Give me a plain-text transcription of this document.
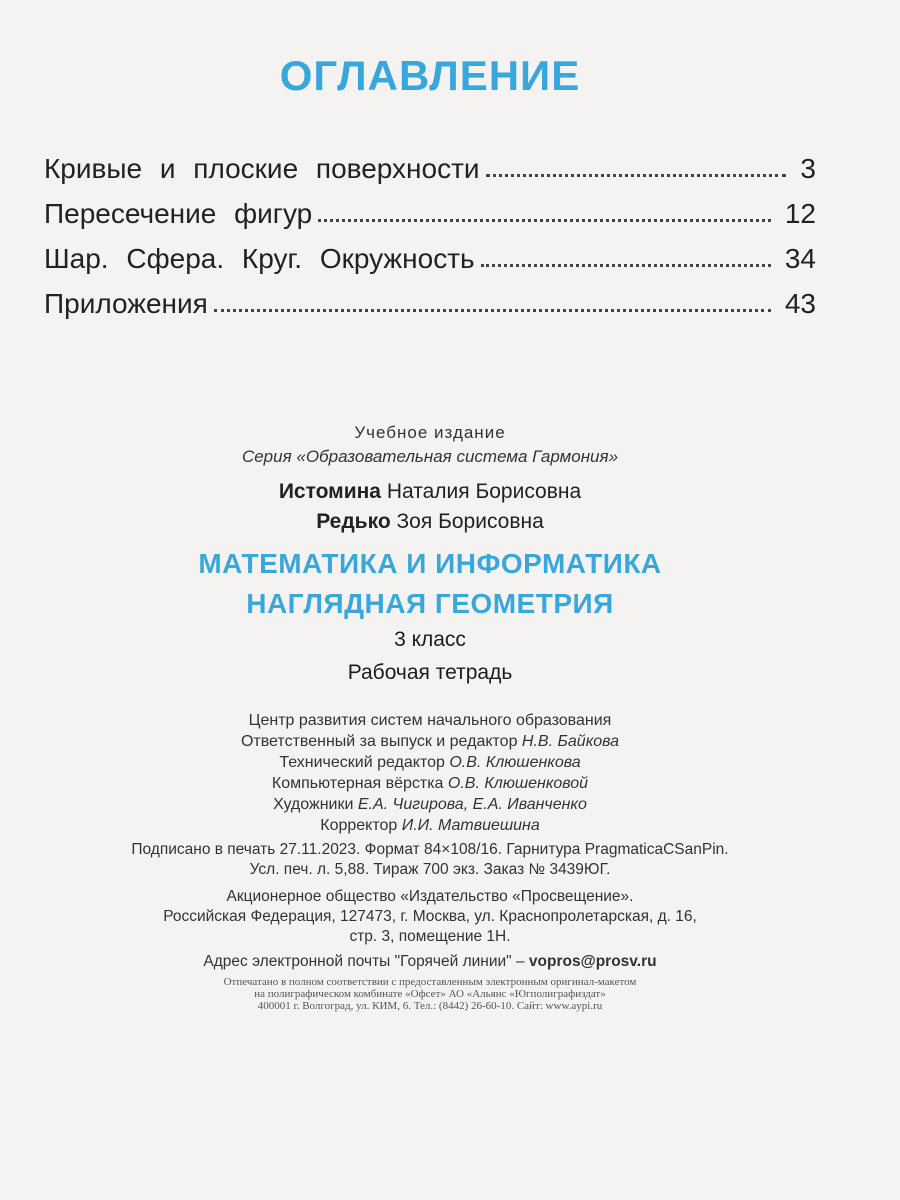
ОГЛАВЛЕНИЕ
Кривые и плоские поверхности	3
Пересечение фигур	12
Шар. Сфера. Круг. Окружность	34
Приложения	43
Учебное издание
Серия «Образовательная система Гармония»
Истомина Наталия Борисовна
Редько Зоя Борисовна
МАТЕМАТИКА И ИНФОРМАТИКА
НАГЛЯДНАЯ ГЕОМЕТРИЯ
3 класс
Рабочая тетрадь
Центр развития систем начального образования
Ответственный за выпуск и редактор Н.В. Байкова
Технический редактор О.В. Клюшенкова
Компьютерная вёрстка О.В. Клюшенковой
Художники Е.А. Чигирова, Е.А. Иванченко
Корректор И.И. Матвиешина
Подписано в печать 27.11.2023. Формат 84×108/16. Гарнитура PragmaticaCSanPin.
Усл. печ. л. 5,88. Тираж 700 экз. Заказ № 3439ЮГ.
Акционерное общество «Издательство «Просвещение».
Российская Федерация, 127473, г. Москва, ул. Краснопролетарская, д. 16,
стр. 3, помещение 1Н.
Адрес электронной почты "Горячей линии" – vopros@prosv.ru
Отпечатано в полном соответствии с предоставленным электронным оригинал-макетом
на полиграфическом комбинате «Офсет» АО «Альянс «Югполиграфиздат»
400001 г. Волгоград, ул. КИМ, 6. Тел.: (8442) 26-60-10. Сайт: www.aypi.ru
